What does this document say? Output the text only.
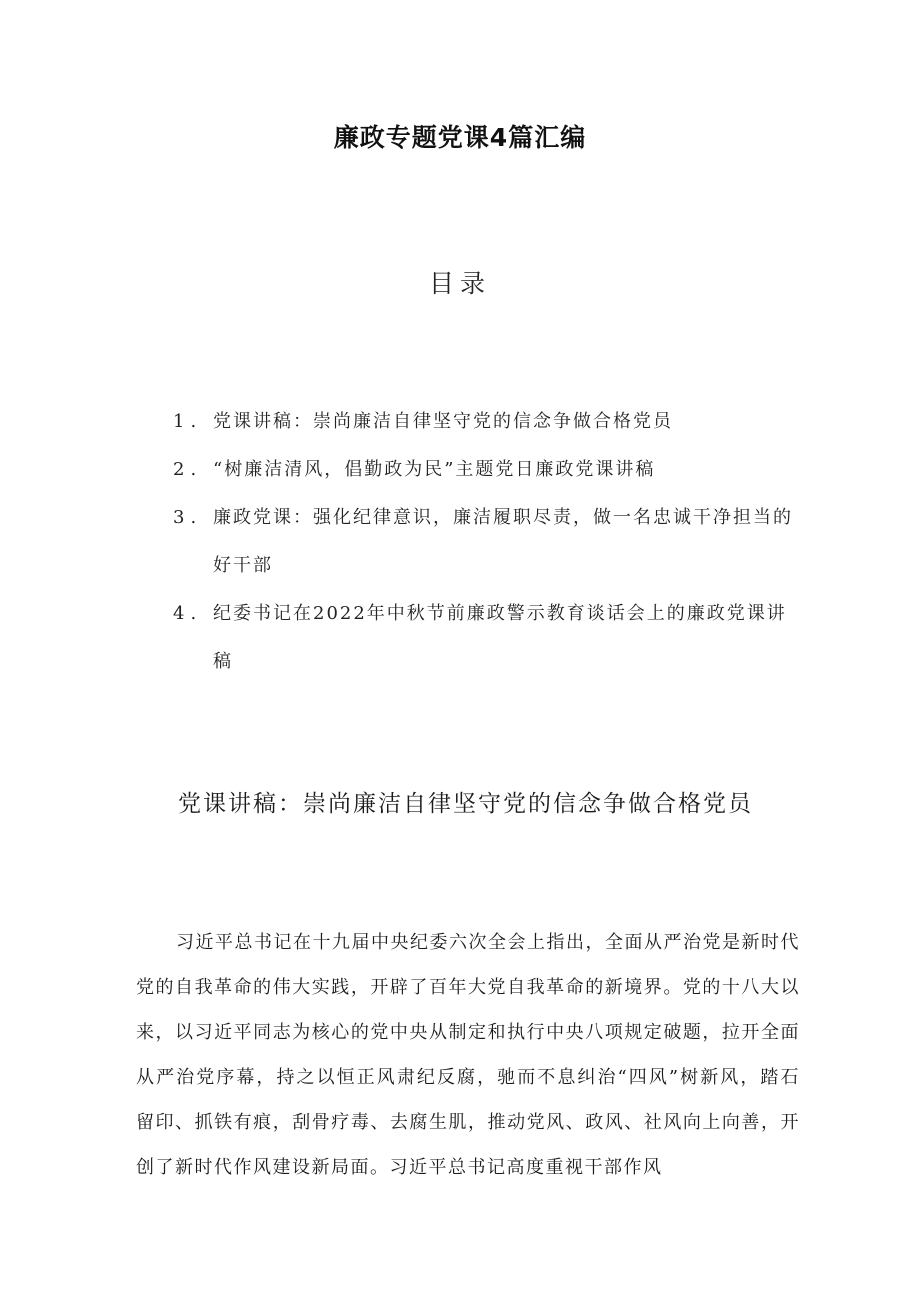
廉政专题党课4篇汇编
目录
1. 党课讲稿：崇尚廉洁自律坚守党的信念争做合格党员
2. “树廉洁清风，倡勤政为民”主题党日廉政党课讲稿
3. 廉政党课：强化纪律意识，廉洁履职尽责，做一名忠诚干净担当的好干部
4. 纪委书记在2022年中秋节前廉政警示教育谈话会上的廉政党课讲稿
党课讲稿：崇尚廉洁自律坚守党的信念争做合格党员

习近平总书记在十九届中央纪委六次全会上指出，全面从严治党是新时代党的自我革命的伟大实践，开辟了百年大党自我革命的新境界。党的十八大以来，以习近平同志为核心的党中央从制定和执行中央八项规定破题，拉开全面从严治党序幕，持之以恒正风肃纪反腐，驰而不息纠治“四风”树新风，踏石留印、抓铁有痕，刮骨疗毒、去腐生肌，推动党风、政风、社风向上向善，开创了新时代作风建设新局面。习近平总书记高度重视干部作风
